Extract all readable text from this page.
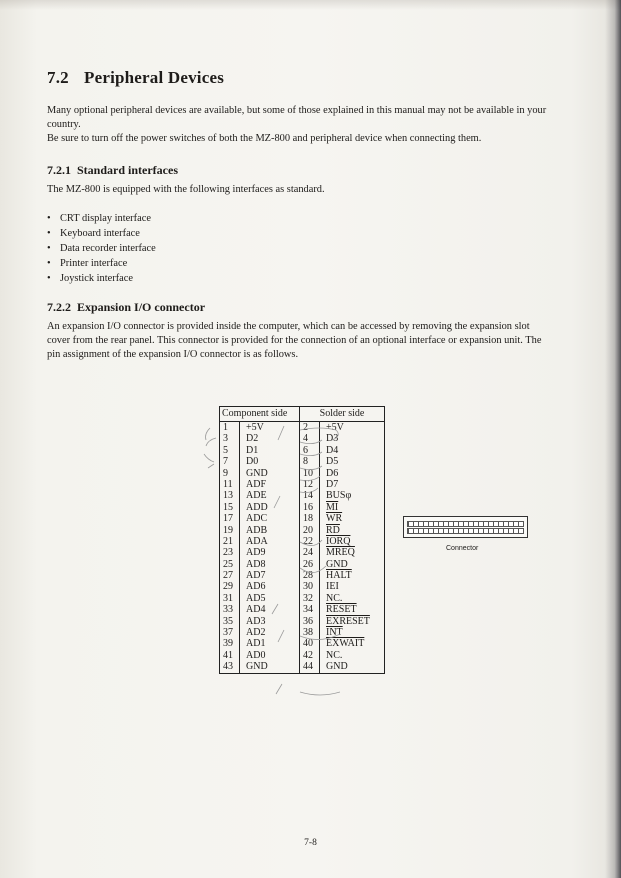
7.2 Peripheral Devices
Many optional peripheral devices are available, but some of those explained in this manual may not be available in your country.
Be sure to turn off the power switches of both the MZ-800 and peripheral device when connecting them.
7.2.1 Standard interfaces
The MZ-800 is equipped with the following interfaces as standard.
• CRT display interface
• Keyboard interface
• Data recorder interface
• Printer interface
• Joystick interface
7.2.2 Expansion I/O connector
An expansion I/O connector is provided inside the computer, which can be accessed by removing the expansion slot cover from the rear panel. This connector is provided for the connection of an optional interface or expansion unit. The pin assignment of the expansion I/O connector is as follows.
Component side	Solder side

1 +5V	2 +5V

3 D2	4 D3

5 D1	6 D4

7 D0	8 D5

9 GND	10 D6

11 ADF	12 D7

13 ADE	14 BUSφ

15 ADD	16 $\overline{MI}$

17 ADC	18 $\overline{WR}$

19 ADB	20 $\overline{RD}$

21 ADA	22 IORQ

23 AD9	24 MREQ

25 AD8	26 GND

27 AD7	28 HALT

29 AD6	30 IEI

31 AD5	32 NC.

33 AD4	34 RESET

35 AD3	36 EXRESET

37 AD2	38 $\overline{INT}$

39 AD1	40 EXWAIT

41 AD0	42 NC.

43 GND	44 GND
Connector
7-8
